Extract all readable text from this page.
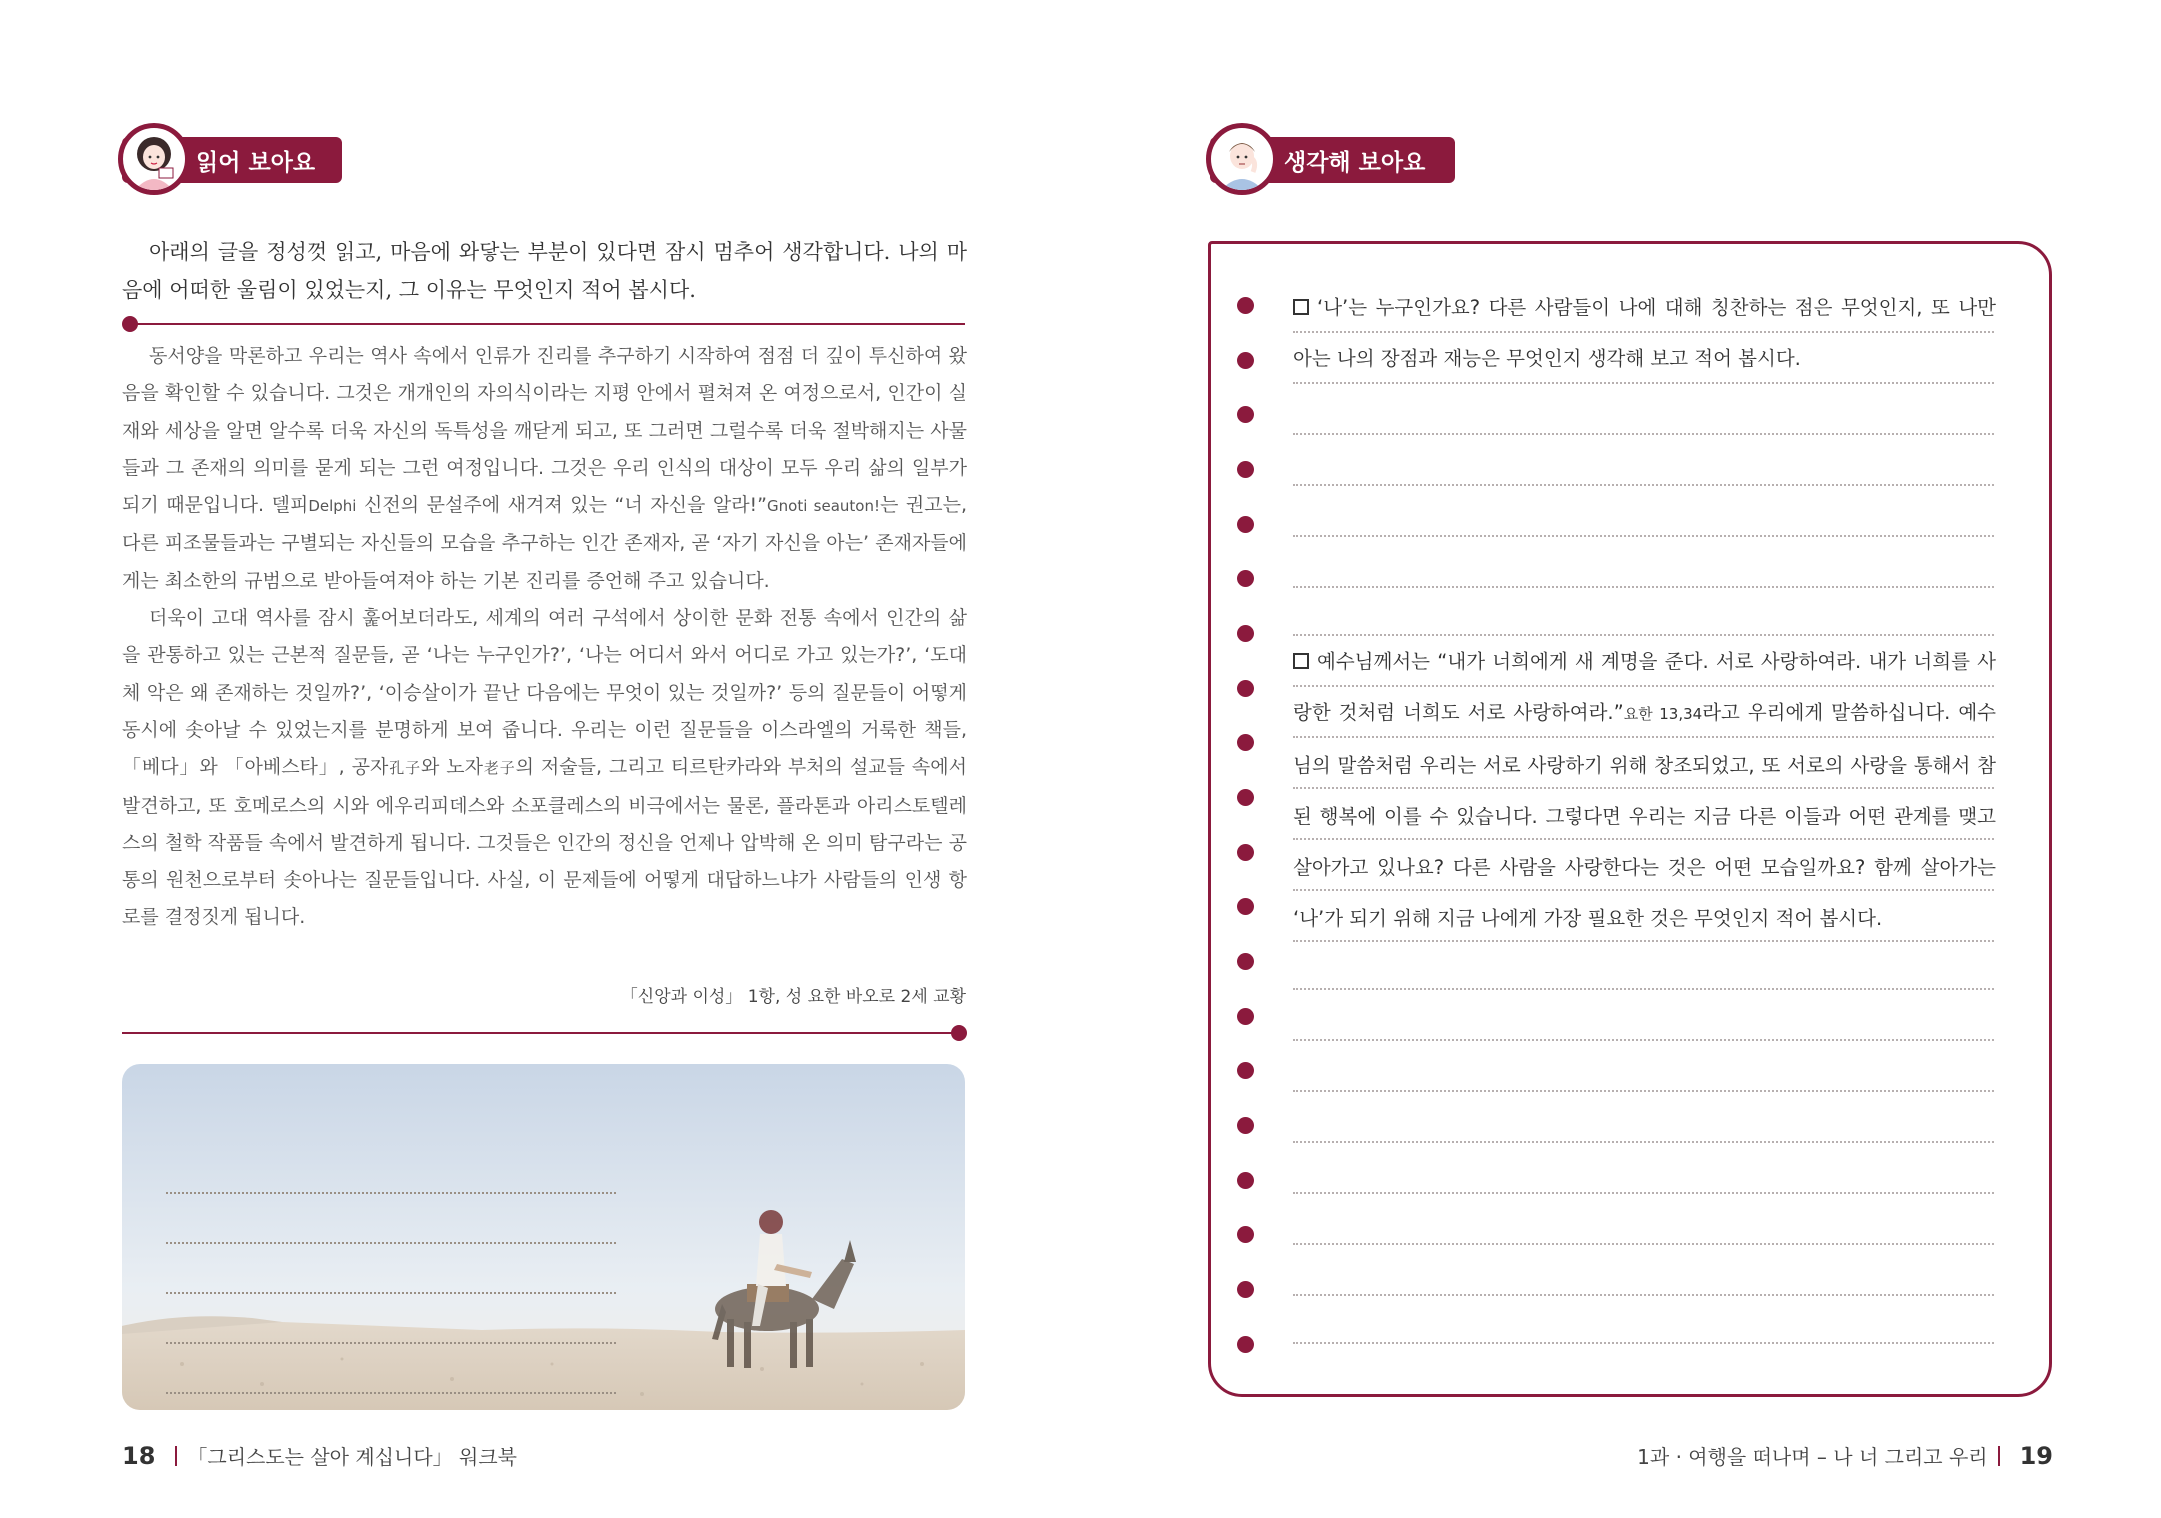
읽어 보아요

아래의 글을 정성껏 읽고, 마음에 와닿는 부분이 있다면 잠시 멈추어 생각합니다. 나의 마음에 어떠한 울림이 있었는지, 그 이유는 무엇인지 적어 봅시다.

동서양을 막론하고 우리는 역사 속에서 인류가 진리를 추구하기 시작하여 점점 더 깊이 투신하여 왔음을 확인할 수 있습니다. 그것은 개개인의 자의식이라는 지평 안에서 펼쳐져 온 여정으로서, 인간이 실재와 세상을 알면 알수록 더욱 자신의 독특성을 깨닫게 되고, 또 그러면 그럴수록 더욱 절박해지는 사물들과 그 존재의 의미를 묻게 되는 그런 여정입니다. 그것은 우리 인식의 대상이 모두 우리 삶의 일부가 되기 때문입니다. 델피Delphi 신전의 문설주에 새겨져 있는 “너 자신을 알라!”Gnoti seauton!는 권고는, 다른 피조물들과는 구별되는 자신들의 모습을 추구하는 인간 존재자, 곧 ‘자기 자신을 아는’ 존재자들에게는 최소한의 규범으로 받아들여져야 하는 기본 진리를 증언해 주고 있습니다.

더욱이 고대 역사를 잠시 훑어보더라도, 세계의 여러 구석에서 상이한 문화 전통 속에서 인간의 삶을 관통하고 있는 근본적 질문들, 곧 ‘나는 누구인가?’, ‘나는 어디서 와서 어디로 가고 있는가?’, ‘도대체 악은 왜 존재하는 것일까?’, ‘이승살이가 끝난 다음에는 무엇이 있는 것일까?’ 등의 질문들이 어떻게 동시에 솟아날 수 있었는지를 분명하게 보여 줍니다. 우리는 이런 질문들을 이스라엘의 거룩한 책들, 「베다」와 「아베스타」, 공자孔子와 노자老子의 저술들, 그리고 티르탄카라와 부처의 설교들 속에서 발견하고, 또 호메로스의 시와 에우리피데스와 소포클레스의 비극에서는 물론, 플라톤과 아리스토텔레스의 철학 작품들 속에서 발견하게 됩니다. 그것들은 인간의 정신을 언제나 압박해 온 의미 탐구라는 공통의 원천으로부터 솟아나는 질문들입니다. 사실, 이 문제들에 어떻게 대답하느냐가 사람들의 인생 항로를 결정짓게 됩니다.

「신앙과 이성」 1항, 성 요한 바오로 2세 교황
18 「그리스도는 살아 계십니다」 워크북
생각해 보아요

‘나’는 누구인가요? 다른 사람들이 나에 대해 칭찬하는 점은 무엇인지, 또 나만 아는 나의 장점과 재능은 무엇인지 생각해 보고 적어 봅시다.

예수님께서는 “내가 너희에게 새 계명을 준다. 서로 사랑하여라. 내가 너희를 사랑한 것처럼 너희도 서로 사랑하여라.”요한 13,34라고 우리에게 말씀하십니다. 예수님의 말씀처럼 우리는 서로 사랑하기 위해 창조되었고, 또 서로의 사랑을 통해서 참된 행복에 이를 수 있습니다. 그렇다면 우리는 지금 다른 이들과 어떤 관계를 맺고 살아가고 있나요? 다른 사람을 사랑한다는 것은 어떤 모습일까요? 함께 살아가는 ‘나’가 되기 위해 지금 나에게 가장 필요한 것은 무엇인지 적어 봅시다.

1과 · 여행을 떠나며 – 나 너 그리고 우리 19
